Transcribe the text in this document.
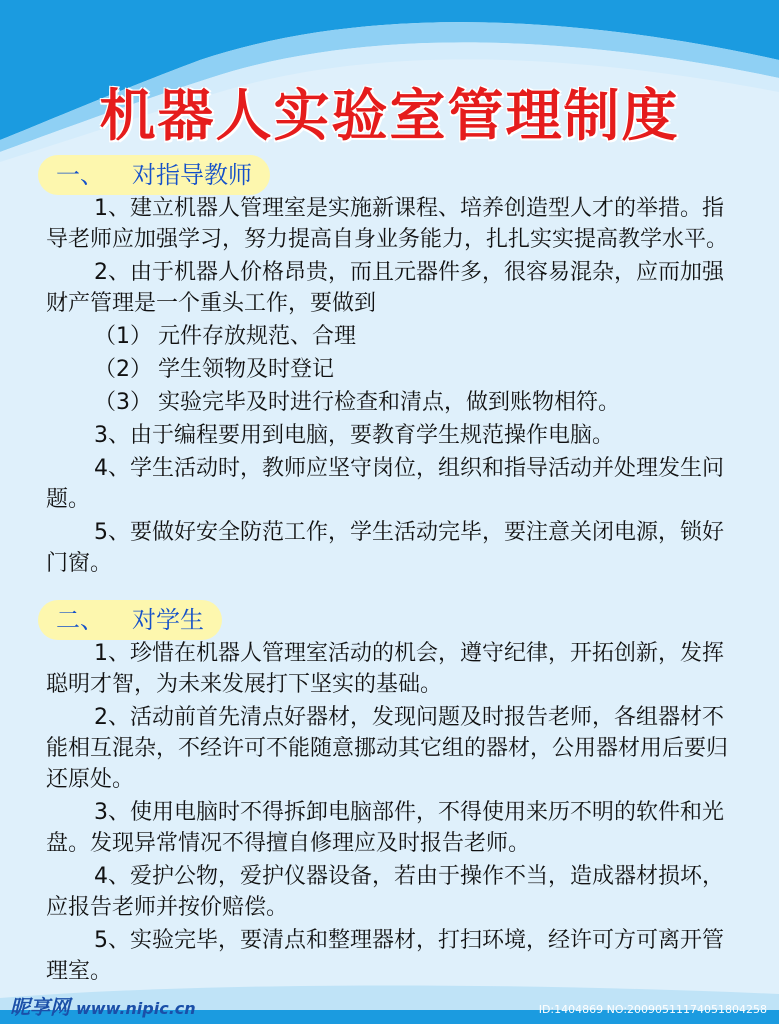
机器人实验室管理制度
一、 对指导教师

1、建立机器人管理室是实施新课程、培养创造型人才的举措。指导老师应加强学习，努力提高自身业务能力，扎扎实实提高教学水平。

2、由于机器人价格昂贵，而且元器件多，很容易混杂，应而加强财产管理是一个重头工作，要做到

（1） 元件存放规范、合理

（2） 学生领物及时登记

（3） 实验完毕及时进行检查和清点，做到账物相符。

3、由于编程要用到电脑，要教育学生规范操作电脑。

4、学生活动时，教师应坚守岗位，组织和指导活动并处理发生问题。

5、要做好安全防范工作，学生活动完毕，要注意关闭电源，锁好门窗。

二、 对学生

1、珍惜在机器人管理室活动的机会，遵守纪律，开拓创新，发挥聪明才智，为未来发展打下坚实的基础。

2、活动前首先清点好器材，发现问题及时报告老师，各组器材不能相互混杂，不经许可不能随意挪动其它组的器材，公用器材用后要归还原处。

3、使用电脑时不得拆卸电脑部件，不得使用来历不明的软件和光盘。发现异常情况不得擅自修理应及时报告老师。

4、爱护公物，爱护仪器设备，若由于操作不当，造成器材损坏，应报告老师并按价赔偿。

5、实验完毕，要清点和整理器材，打扫环境，经许可方可离开管理室。

昵享网 www.nipic.cn	ID:1404869 NO:20090511174051804258
